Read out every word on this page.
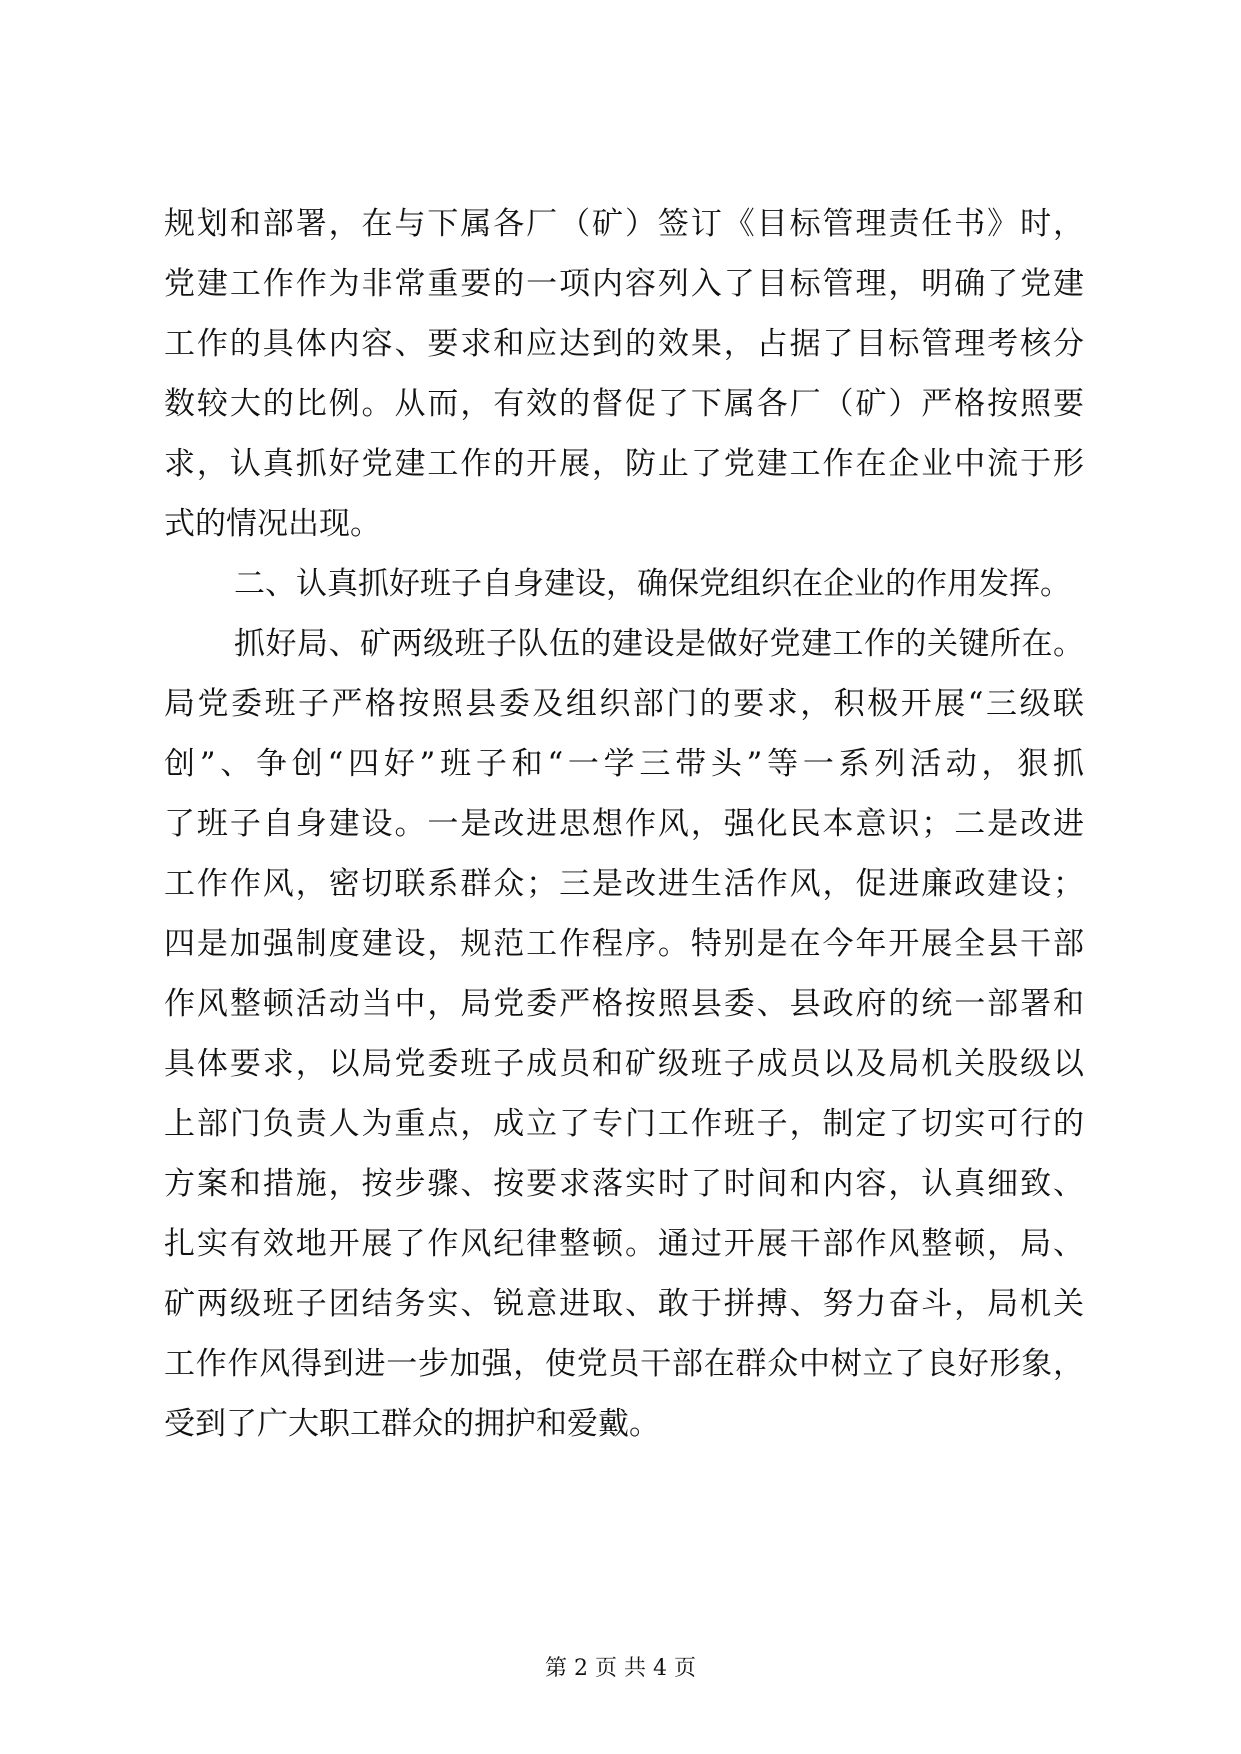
规划和部署，在与下属各厂（矿）签订《目标管理责任书》时，
党建工作作为非常重要的一项内容列入了目标管理，明确了党建
工作的具体内容、要求和应达到的效果，占据了目标管理考核分
数较大的比例。从而，有效的督促了下属各厂（矿）严格按照要
求，认真抓好党建工作的开展，防止了党建工作在企业中流于形
式的情况出现。
二、认真抓好班子自身建设，确保党组织在企业的作用发挥。
抓好局、矿两级班子队伍的建设是做好党建工作的关键所在。
局党委班子严格按照县委及组织部门的要求，积极开展“三级联
创”、争创“四好”班子和“一学三带头”等一系列活动，狠抓
了班子自身建设。一是改进思想作风，强化民本意识；二是改进
工作作风，密切联系群众；三是改进生活作风，促进廉政建设；
四是加强制度建设，规范工作程序。特别是在今年开展全县干部
作风整顿活动当中，局党委严格按照县委、县政府的统一部署和
具体要求，以局党委班子成员和矿级班子成员以及局机关股级以
上部门负责人为重点，成立了专门工作班子，制定了切实可行的
方案和措施，按步骤、按要求落实时了时间和内容，认真细致、
扎实有效地开展了作风纪律整顿。通过开展干部作风整顿，局、
矿两级班子团结务实、锐意进取、敢于拼搏、努力奋斗，局机关
工作作风得到进一步加强，使党员干部在群众中树立了良好形象，
受到了广大职工群众的拥护和爱戴。
第 2 页 共 4 页
